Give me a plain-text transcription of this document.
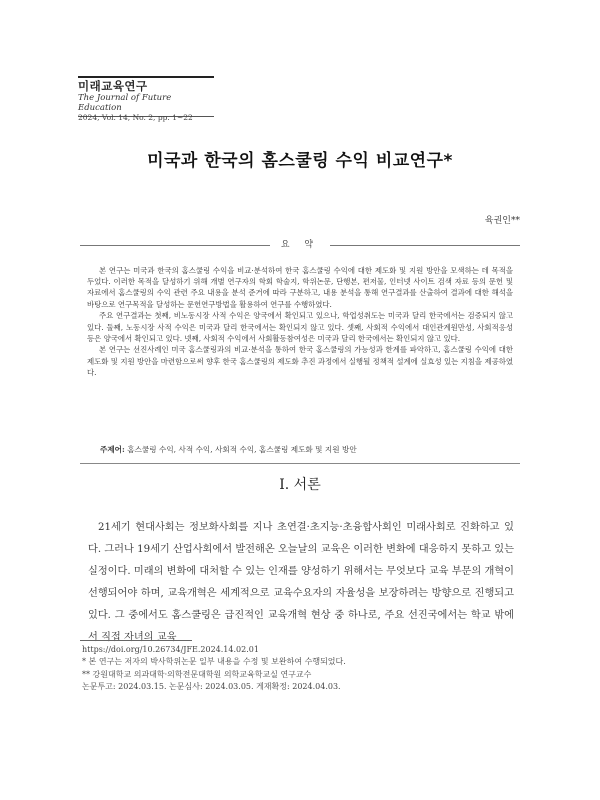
미래교육연구
The Journal of Future Education
2024, Vol. 14, No. 2, pp. 1~22
미국과 한국의 홈스쿨링 수익 비교연구*
육권인**
요 약

본 연구는 미국과 한국의 홈스쿨링 수익을 비교·분석하여 한국 홈스쿨링 수익에 대한 제도화 및 지원 방안을 모색하는 데 목적을 두었다. 이러한 목적을 달성하기 위해 개별 연구자의 학회 학술지, 학위논문, 단행본, 편저물, 인터넷 사이트 검색 자료 등의 문헌 및 자료에서 홈스쿨링의 수익 관련 주요 내용을 분석 준거에 따라 구분하고, 내용 분석을 통해 연구결과를 산출하여 결과에 대한 해석을 바탕으로 연구목적을 달성하는 문헌연구방법을 활용하여 연구를 수행하였다.

주요 연구결과는 첫째, 비노동시장 사적 수익은 양국에서 확인되고 있으나, 학업성취도는 미국과 달리 한국에서는 검증되지 않고 있다. 둘째, 노동시장 사적 수익은 미국과 달리 한국에서는 확인되지 않고 있다. 셋째, 사회적 수익에서 대인관계원만성, 사회적응성 등은 양국에서 확인되고 있다. 넷째, 사회적 수익에서 사회활동참여성은 미국과 달리 한국에서는 확인되지 않고 있다.

본 연구는 선진사례인 미국 홈스쿨링과의 비교·분석을 통하여 한국 홈스쿨링의 가능성과 한계를 파악하고, 홈스쿨링 수익에 대한 제도화 및 지원 방안을 마련함으로써 향후 한국 홈스쿨링의 제도화 추진 과정에서 실행될 정책적 설계에 실효성 있는 지침을 제공하였다.

주제어: 홈스쿨링 수익, 사적 수익, 사회적 수익, 홈스쿨링 제도화 및 지원 방안
Ⅰ. 서론
21세기 현대사회는 정보화사회를 지나 초연결·초지능·초융합사회인 미래사회로 진화하고 있다. 그러나 19세기 산업사회에서 발전해온 오늘날의 교육은 이러한 변화에 대응하지 못하고 있는 실정이다. 미래의 변화에 대처할 수 있는 인재를 양성하기 위해서는 무엇보다 교육 부문의 개혁이 선행되어야 하며, 교육개혁은 세계적으로 교육수요자의 자율성을 보장하려는 방향으로 진행되고 있다. 그 중에서도 홈스쿨링은 급진적인 교육개혁 현상 중 하나로, 주요 선진국에서는 학교 밖에서 직접 자녀의 교육
https://doi.org/10.26734/JFE.2024.14.02.01
* 본 연구는 저자의 박사학위논문 일부 내용을 수정 및 보완하여 수행되었다.
** 강원대학교 의과대학·의학전문대학원 의학교육학교실 연구교수
논문투고: 2024.03.15. 논문심사: 2024.03.05. 게재확정: 2024.04.03.
